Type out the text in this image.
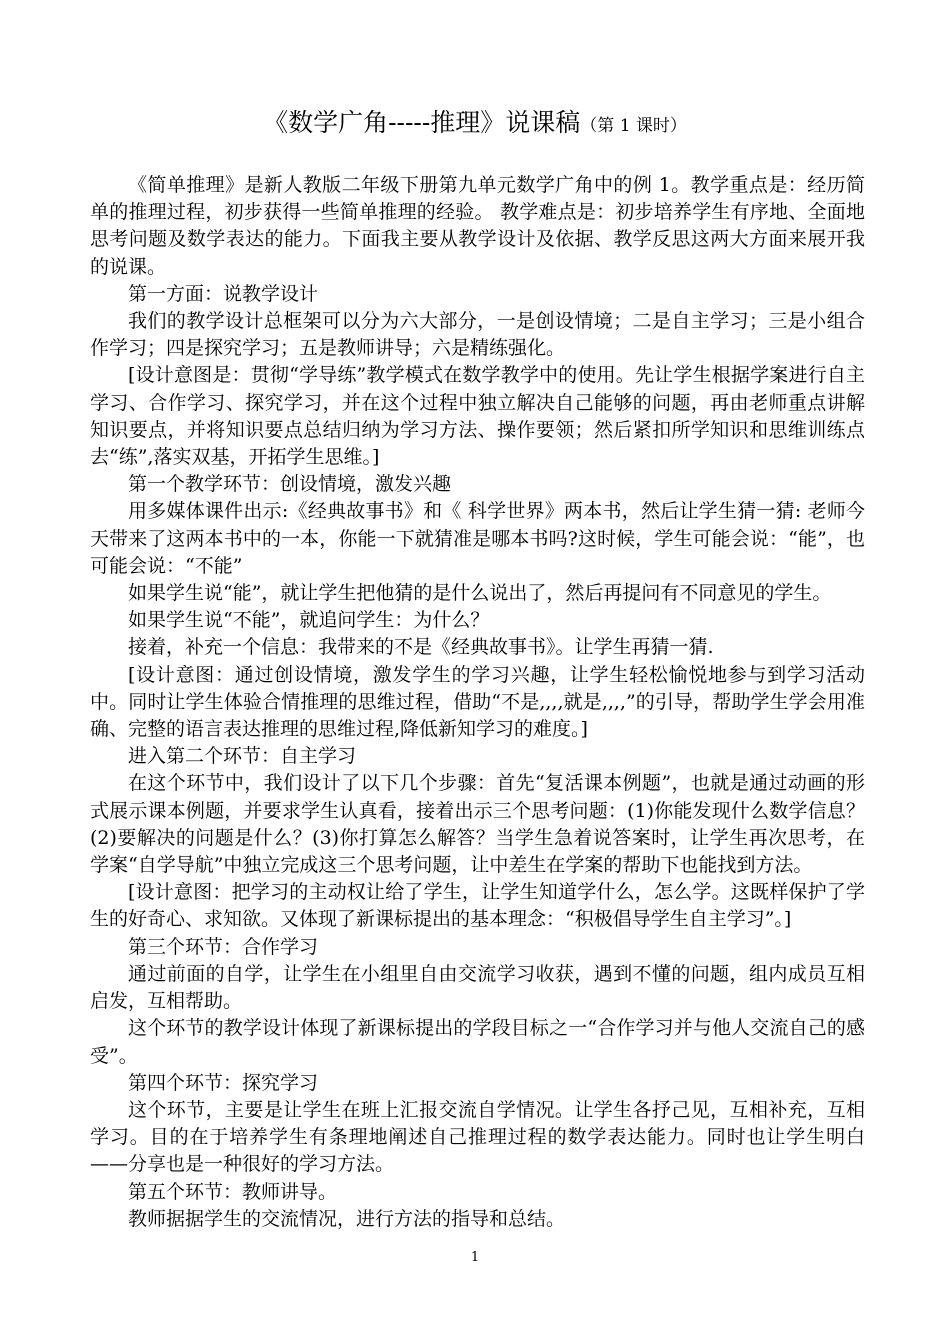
《数学广角-----推理》说课稿（第 1 课时）

《简单推理》是新人教版二年级下册第九单元数学广角中的例 1。教学重点是：经历简单的推理过程，初步获得一些简单推理的经验。 教学难点是：初步培养学生有序地、全面地思考问题及数学表达的能力。下面我主要从教学设计及依据、教学反思这两大方面来展开我的说课。

第一方面：说教学设计

我们的教学设计总框架可以分为六大部分，一是创设情境；二是自主学习；三是小组合作学习；四是探究学习；五是教师讲导；六是精练强化。

[设计意图是：贯彻“学导练”教学模式在数学教学中的使用。先让学生根据学案进行自主学习、合作学习、探究学习，并在这个过程中独立解决自己能够的问题，再由老师重点讲解知识要点，并将知识要点总结归纳为学习方法、操作要领；然后紧扣所学知识和思维训练点去“练”,落实双基，开拓学生思维。]

第一个教学环节：创设情境，激发兴趣

用多媒体课件出示:《经典故事书》和《 科学世界》两本书，然后让学生猜一猜: 老师今天带来了这两本书中的一本，你能一下就猜准是哪本书吗?这时候，学生可能会说：“能”，也可能会说：“不能”

如果学生说“能”，就让学生把他猜的是什么说出了，然后再提问有不同意见的学生。

如果学生说“不能”，就追问学生：为什么？

接着，补充一个信息：我带来的不是《经典故事书》。让学生再猜一猜.

[设计意图：通过创设情境，激发学生的学习兴趣，让学生轻松愉悦地参与到学习活动中。同时让学生体验合情推理的思维过程，借助“不是,,,,就是,,,,”的引导，帮助学生学会用准确、完整的语言表达推理的思维过程,降低新知学习的难度。]

进入第二个环节：自主学习

在这个环节中，我们设计了以下几个步骤：首先“复活课本例题”，也就是通过动画的形式展示课本例题，并要求学生认真看，接着出示三个思考问题：(1)你能发现什么数学信息？(2)要解决的问题是什么？(3)你打算怎么解答？当学生急着说答案时，让学生再次思考，在学案“自学导航”中独立完成这三个思考问题，让中差生在学案的帮助下也能找到方法。

[设计意图：把学习的主动权让给了学生，让学生知道学什么，怎么学。这既样保护了学生的好奇心、求知欲。又体现了新课标提出的基本理念：“积极倡导学生自主学习”。]

第三个环节：合作学习

通过前面的自学，让学生在小组里自由交流学习收获，遇到不懂的问题，组内成员互相启发，互相帮助。

这个环节的教学设计体现了新课标提出的学段目标之一“合作学习并与他人交流自己的感受”。

第四个环节：探究学习

这个环节，主要是让学生在班上汇报交流自学情况。让学生各抒己见，互相补充，互相学习。目的在于培养学生有条理地阐述自己推理过程的数学表达能力。同时也让学生明白——分享也是一种很好的学习方法。

第五个环节：教师讲导。

教师据据学生的交流情况，进行方法的指导和总结。

1
